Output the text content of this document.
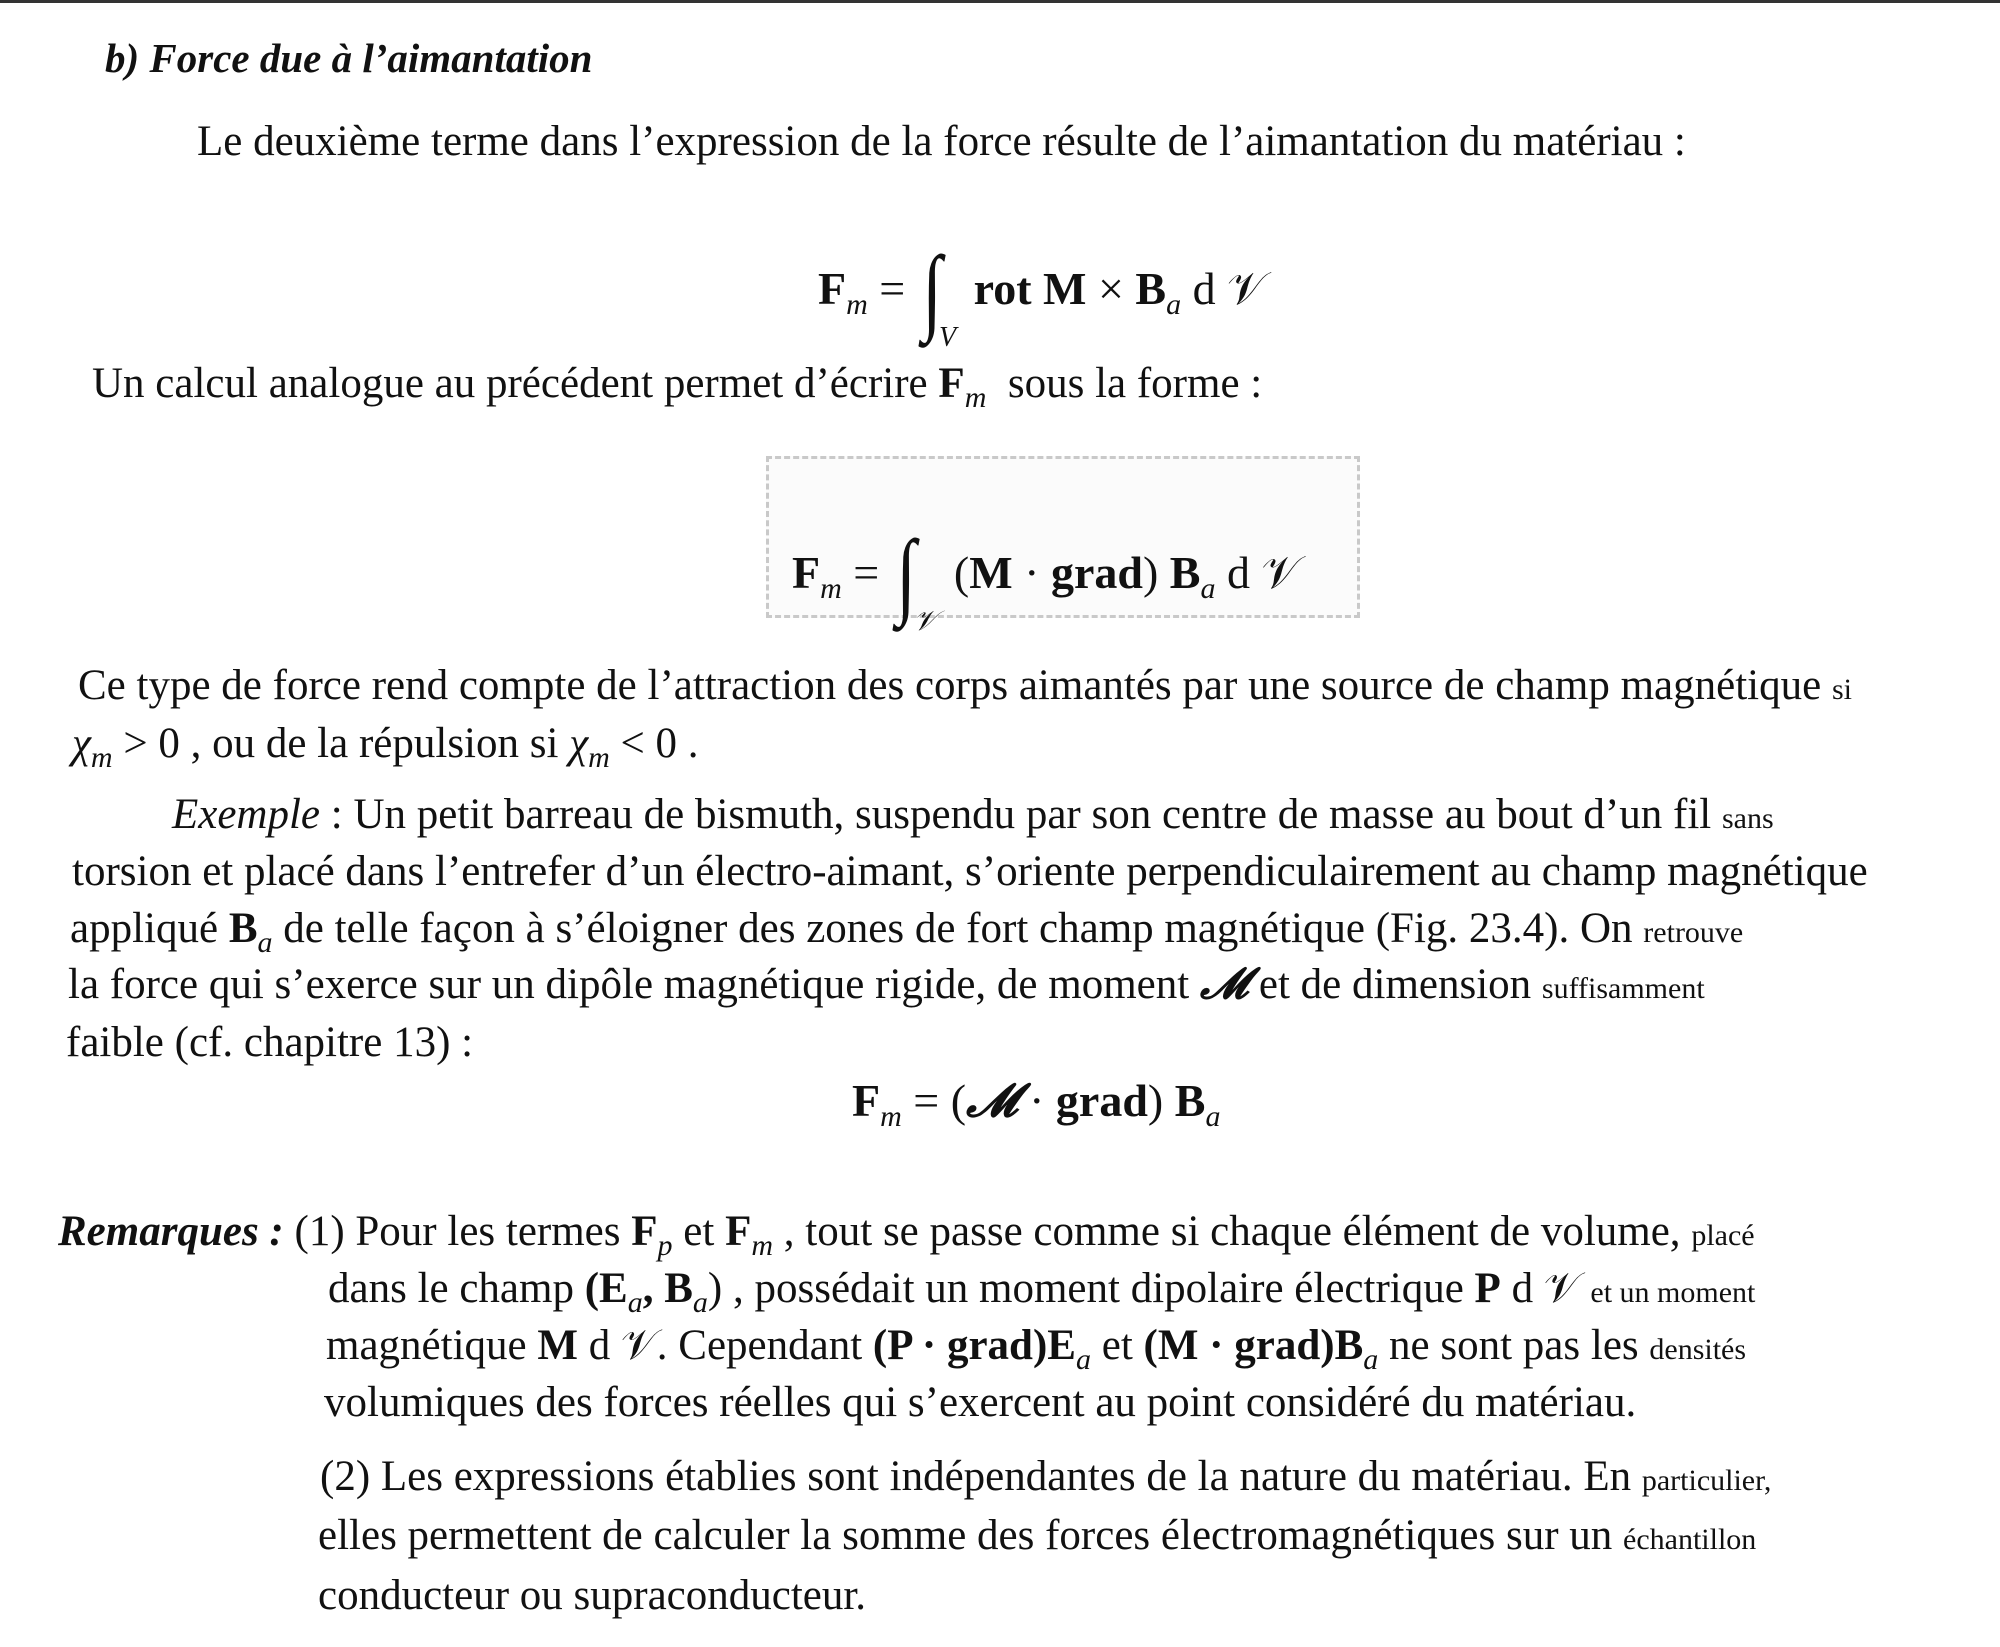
b) Force due à l’aimantation
Le deuxième terme dans l’expression de la force résulte de l’aimantation du matériau :
$F_m = \int V$ rot $M \times B_a$ d 𝒱
Un calcul analogue au précédent permet d’écrire $F_m$ sous la forme :
$F_m$ = ∫𝒱 (M · grad) $B_a$ d 𝒱
Ce type de force rend compte de l’attraction des corps aimantés par une source de champ magnétique si
$\chi_m > 0$ , ou de la répulsion si $\chi_m < 0$ .
Exemple : Un petit barreau de bismuth, suspendu par son centre de masse au bout d’un fil sans
torsion et placé dans l’entrefer d’un électro-aimant, s’oriente perpendiculairement au champ magnétique
appliqué $B_a$ de telle façon à s’éloigner des zones de fort champ magnétique (Fig. 23.4). On retrouve
la force qui s’exerce sur un dipôle magnétique rigide, de moment 𝓜 et de dimension suffisamment
faible (cf. chapitre 13) :
$F_m$ = (𝓜 · grad) $B_a$
Remarques : (1) Pour les termes $F_p$ et $F_m$ , tout se passe comme si chaque élément de volume, placé
dans le champ ($E_a$, $B_a$) , possédait un moment dipolaire électrique P d 𝒱 et un moment
magnétique M d 𝒱. Cependant $(P \cdot grad)E_a$ et $(M \cdot grad)B_a$ ne sont pas les densités
volumiques des forces réelles qui s’exercent au point considéré du matériau.
(2) Les expressions établies sont indépendantes de la nature du matériau. En particulier,
elles permettent de calculer la somme des forces électromagnétiques sur un échantillon
conducteur ou supraconducteur.
